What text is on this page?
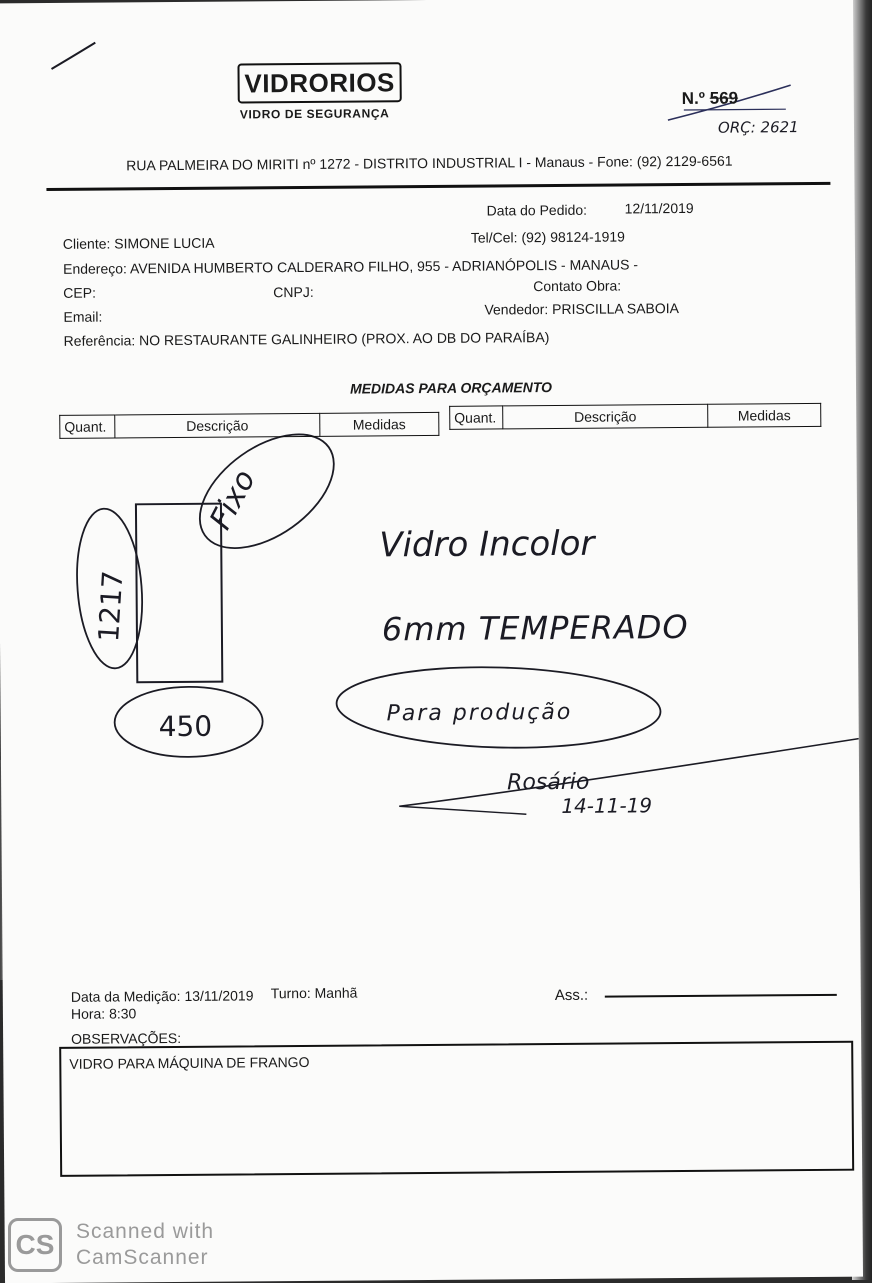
ORÇ: 2621
1217
450
Fixo
Vidro Incolor
6mm TEMPERADO
Para produção
Rosário
14-11-19
VIDRORIOS
VIDRO DE SEGURANÇA
N.º 569
RUA PALMEIRA DO MIRITI nº 1272 - DISTRITO INDUSTRIAL I - Manaus - Fone: (92) 2129-6561
Data do Pedido:	12/11/2019
Cliente: SIMONE LUCIA	Tel/Cel: (92) 98124-1919
Endereço: AVENIDA HUMBERTO CALDERARO FILHO, 955 - ADRIANÓPOLIS - MANAUS -
CEP:	CNPJ:	Contato Obra:
Email:	Vendedor: PRISCILLA SABOIA
Referência: NO RESTAURANTE GALINHEIRO (PROX. AO DB DO PARAÍBA)
MEDIDAS PARA ORÇAMENTO
Quant.	Descrição	Medidas	Quant.	Descrição	Medidas
Data da Medição: 13/11/2019 Turno: Manhã
Hora: 8:30
Ass.:
OBSERVAÇÕES:
VIDRO PARA MÁQUINA DE FRANGO
CS	Scanned with
CamScanner
